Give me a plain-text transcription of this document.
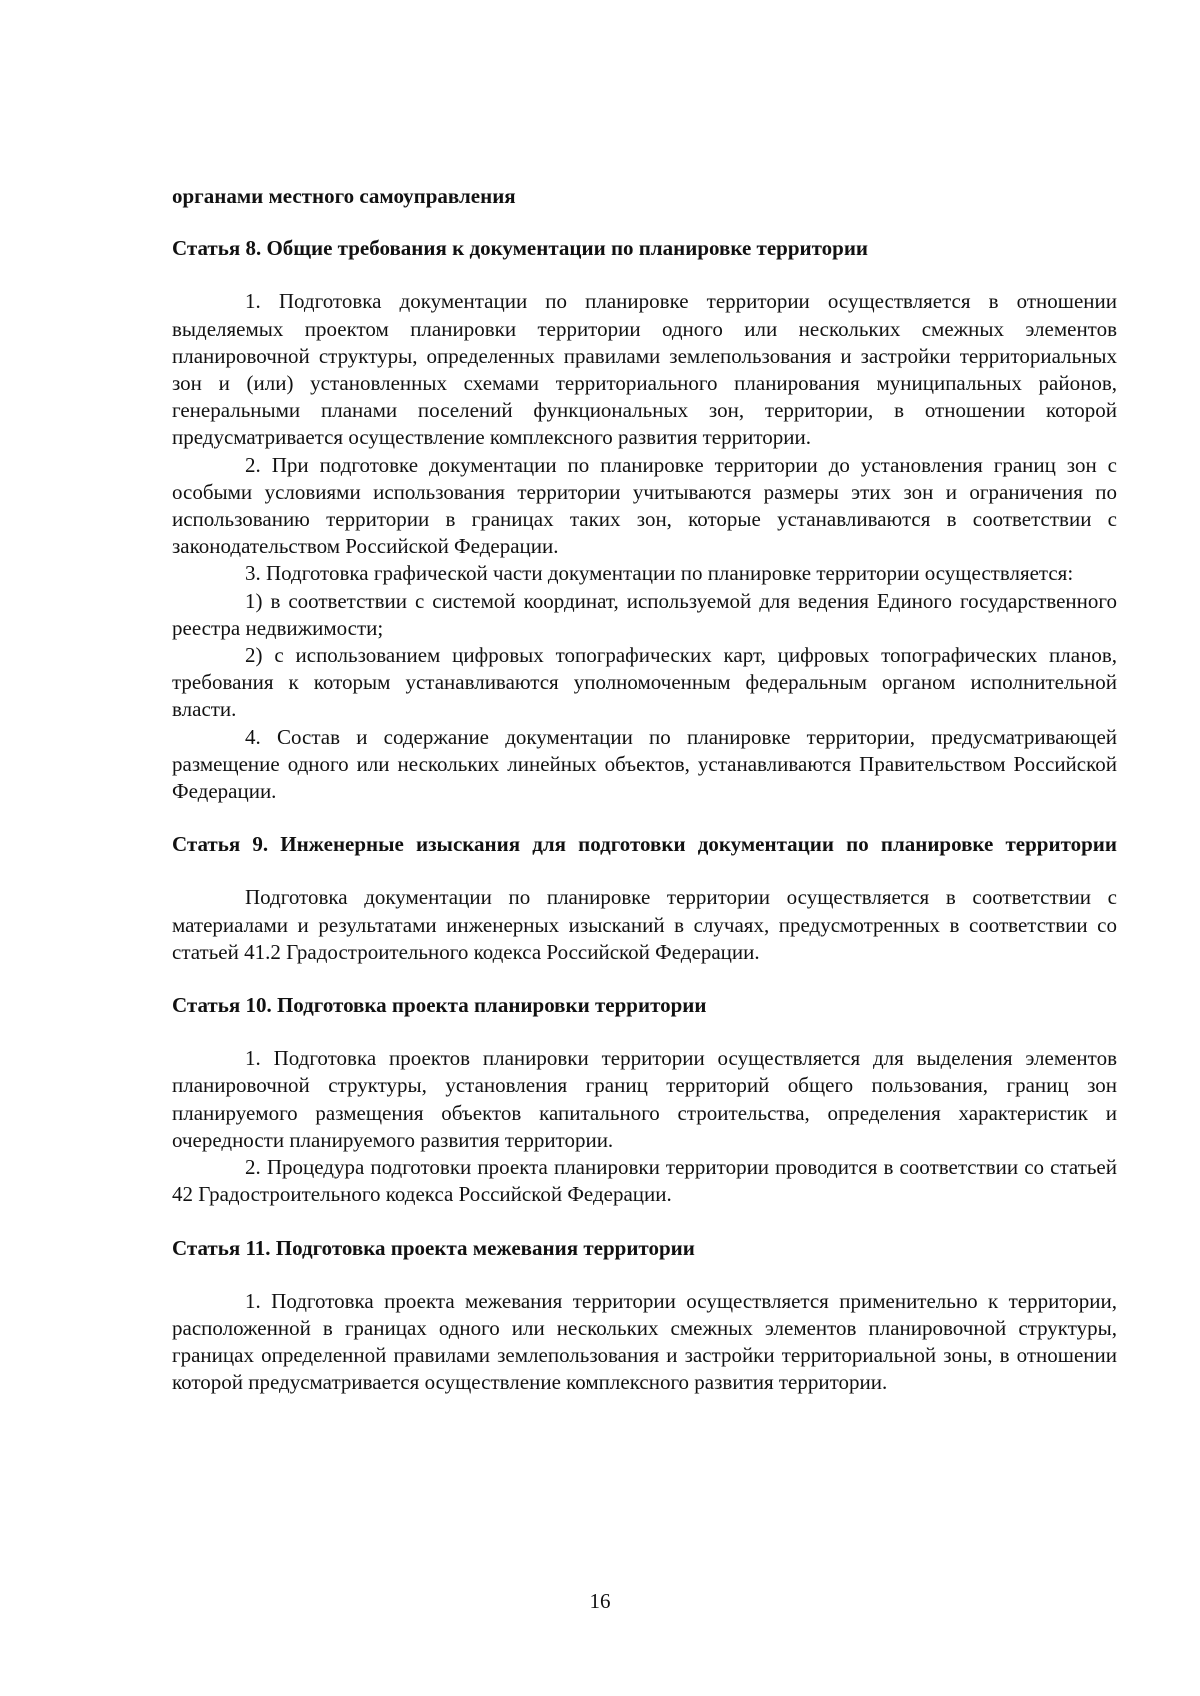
органами местного самоуправления
Статья 8. Общие требования к документации по планировке территории

1. Подготовка документации по планировке территории осуществляется в отношении выделяемых проектом планировки территории одного или нескольких смежных элементов планировочной структуры, определенных правилами землепользования и застройки территориальных зон и (или) установленных схемами территориального планирования муниципальных районов, генеральными планами поселений функциональных зон, территории, в отношении которой предусматривается осуществление комплексного развития территории.

2. При подготовке документации по планировке территории до установления границ зон с особыми условиями использования территории учитываются размеры этих зон и ограничения по использованию территории в границах таких зон, которые устанавливаются в соответствии с законодательством Российской Федерации.

3. Подготовка графической части документации по планировке территории осуществляется:

1) в соответствии с системой координат, используемой для ведения Единого государственного реестра недвижимости;

2) с использованием цифровых топографических карт, цифровых топографических планов, требования к которым устанавливаются уполномоченным федеральным органом исполнительной власти.

4. Состав и содержание документации по планировке территории, предусматривающей размещение одного или нескольких линейных объектов, устанавливаются Правительством Российской Федерации.

Статья 9. Инженерные изыскания для подготовки документации по планировке территории

Подготовка документации по планировке территории осуществляется в соответствии с материалами и результатами инженерных изысканий в случаях, предусмотренных в соответствии со статьей 41.2 Градостроительного кодекса Российской Федерации.

Статья 10. Подготовка проекта планировки территории

1. Подготовка проектов планировки территории осуществляется для выделения элементов планировочной структуры, установления границ территорий общего пользования, границ зон планируемого размещения объектов капитального строительства, определения характеристик и очередности планируемого развития территории.

2. Процедура подготовки проекта планировки территории проводится в соответствии со статьей 42 Градостроительного кодекса Российской Федерации.

Статья 11. Подготовка проекта межевания территории

1. Подготовка проекта межевания территории осуществляется применительно к территории, расположенной в границах одного или нескольких смежных элементов планировочной структуры, границах определенной правилами землепользования и застройки территориальной зоны, в отношении которой предусматривается осуществление комплексного развития территории.

16
